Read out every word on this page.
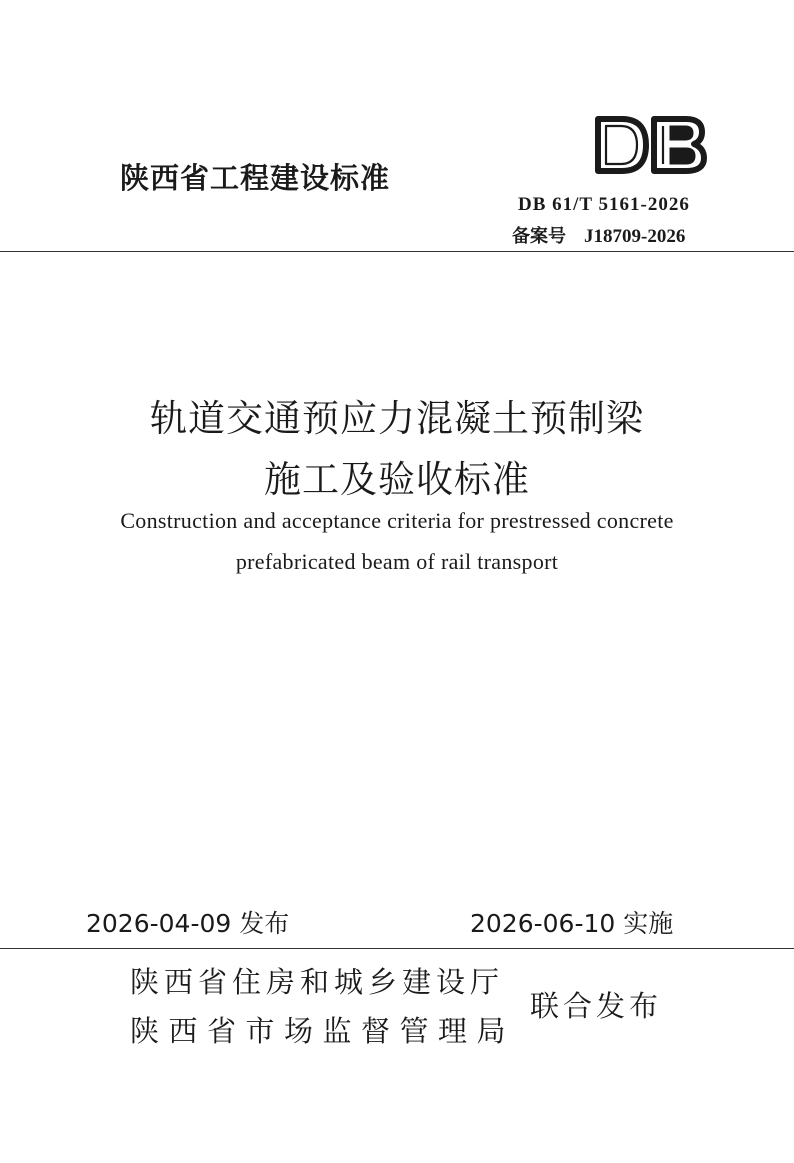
陕西省工程建设标准
DB 61/T 5161-2026
备案号 J18709-2026
轨道交通预应力混凝土预制梁
施工及验收标准
Construction and acceptance criteria for prestressed concrete
prefabricated beam of rail transport
2026-04-09 发布	2026-06-10 实施
陕西省住房和城乡建设厅
陕西省市场监督管理局
联合发布
